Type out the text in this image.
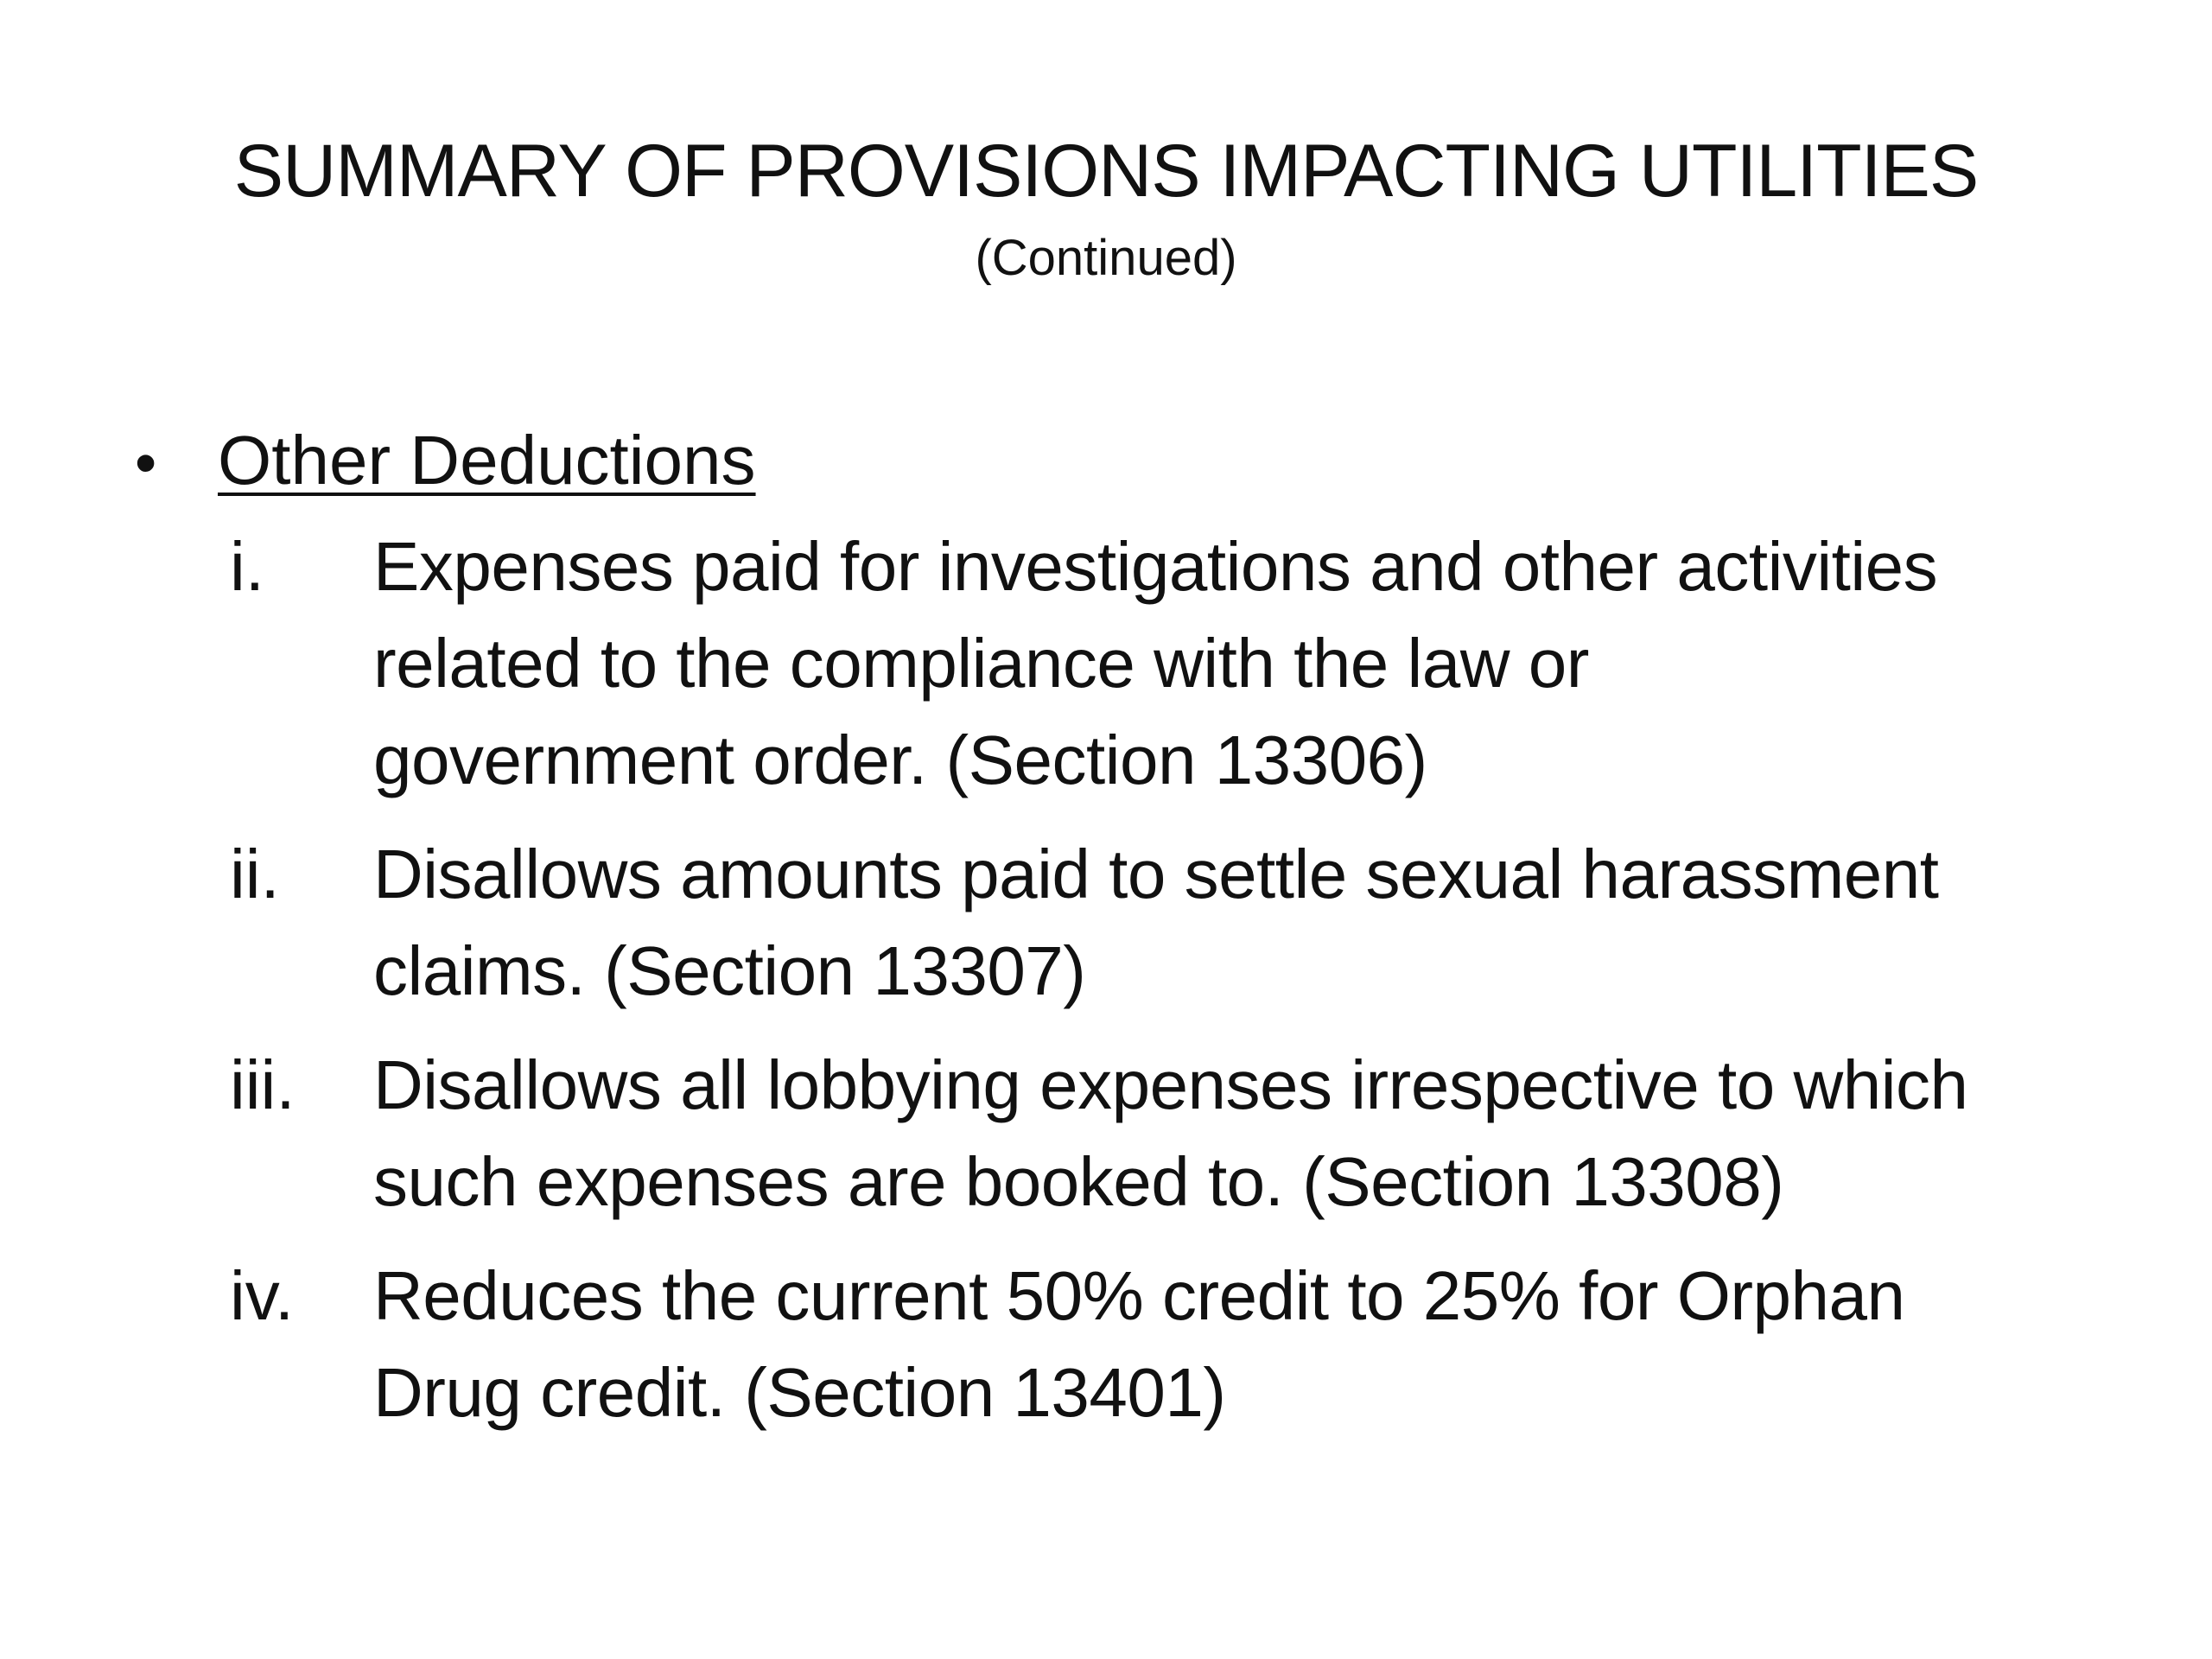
SUMMARY OF PROVISIONS IMPACTING UTILITIES
(Continued)
• Other Deductions
i.	Expenses paid for investigations and other activities
related to the compliance with the law or
government order. (Section 13306)
ii.	Disallows amounts paid to settle sexual harassment
claims. (Section 13307)
iii.	Disallows all lobbying expenses irrespective to which
such expenses are booked to. (Section 13308)
iv.	Reduces the current 50% credit to 25% for Orphan
Drug credit. (Section 13401)
